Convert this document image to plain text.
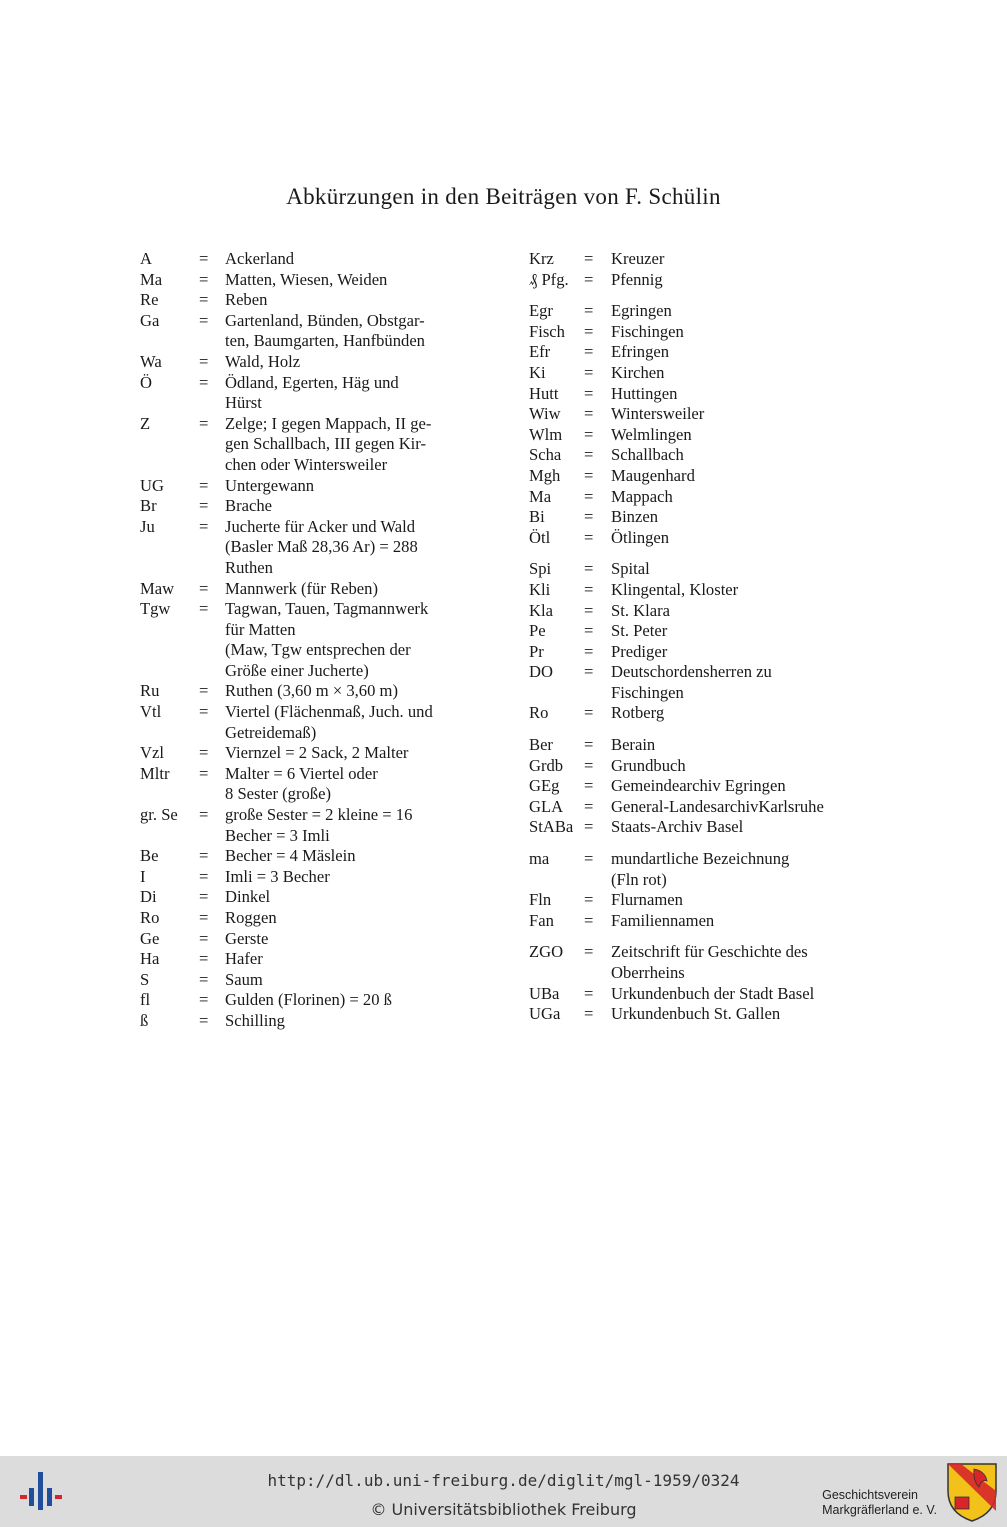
Abkürzungen in den Beiträgen von F. Schülin
A	= Ackerland
Ma = Matten, Wiesen, Weiden
Re = Reben
Ga = Gartenland, Bünden, Obstgar-
ten, Baumgarten, Hanfbünden
Wa = Wald, Holz
Ö	= Ödland, Egerten, Häg und
Hürst
Z	= Zelge; I gegen Mappach, II ge-
gen Schallbach, III gegen Kir-
chen oder Wintersweiler
UG = Untergewann
Br	= Brache
Ju	= Jucherte für Acker und Wald
(Basler Maß 28,36 Ar) = 288
Ruthen
Maw = Mannwerk (für Reben)
Tgw = Tagwan, Tauen, Tagmannwerk
für Matten
(Maw, Tgw entsprechen der
Größe einer Jucherte)
Ru = Ruthen (3,60 m × 3,60 m)
Vtl = Viertel (Flächenmaß, Juch. und
Getreidemaß)
Vzl = Viernzel = 2 Sack, 2 Malter
Mltr = Malter = 6 Viertel oder
8 Sester (große)
gr. Se = große Sester = 2 kleine = 16
Becher = 3 Imli
Be = Becher = 4 Mäslein
I	= Imli = 3 Becher
Di	= Dinkel
Ro = Roggen
Ge = Gerste
Ha = Hafer
S	= Saum
fl	= Gulden (Florinen) = 20 ß
ß	= Schilling
Krz = Kreuzer
₰ Pfg. = Pfennig
Egr = Egringen
Fisch = Fischingen
Efr = Efringen
Ki = Kirchen
Hutt = Huttingen
Wiw = Wintersweiler
Wlm = Welmlingen
Scha = Schallbach
Mgh = Maugenhard
Ma = Mappach
Bi = Binzen
Ötl = Ötlingen
Spi = Spital
Kli = Klingental, Kloster
Kla = St. Klara
Pe = St. Peter
Pr = Prediger
DO = Deutschordensherren zu
Fischingen
Ro = Rotberg
Ber = Berain
Grdb = Grundbuch
GEg = Gemeindearchiv Egringen
GLA = General-LandesarchivKarlsruhe
StABa = Staats-Archiv Basel
ma = mundartliche Bezeichnung
(Fln rot)
Fln = Flurnamen
Fan = Familiennamen
ZGO = Zeitschrift für Geschichte des
Oberrheins
UBa = Urkundenbuch der Stadt Basel
UGa = Urkundenbuch St. Gallen
http://dl.ub.uni-freiburg.de/diglit/mgl-1959/0324
© Universitätsbibliothek Freiburg
Geschichtsverein
Markgräflerland e. V.
